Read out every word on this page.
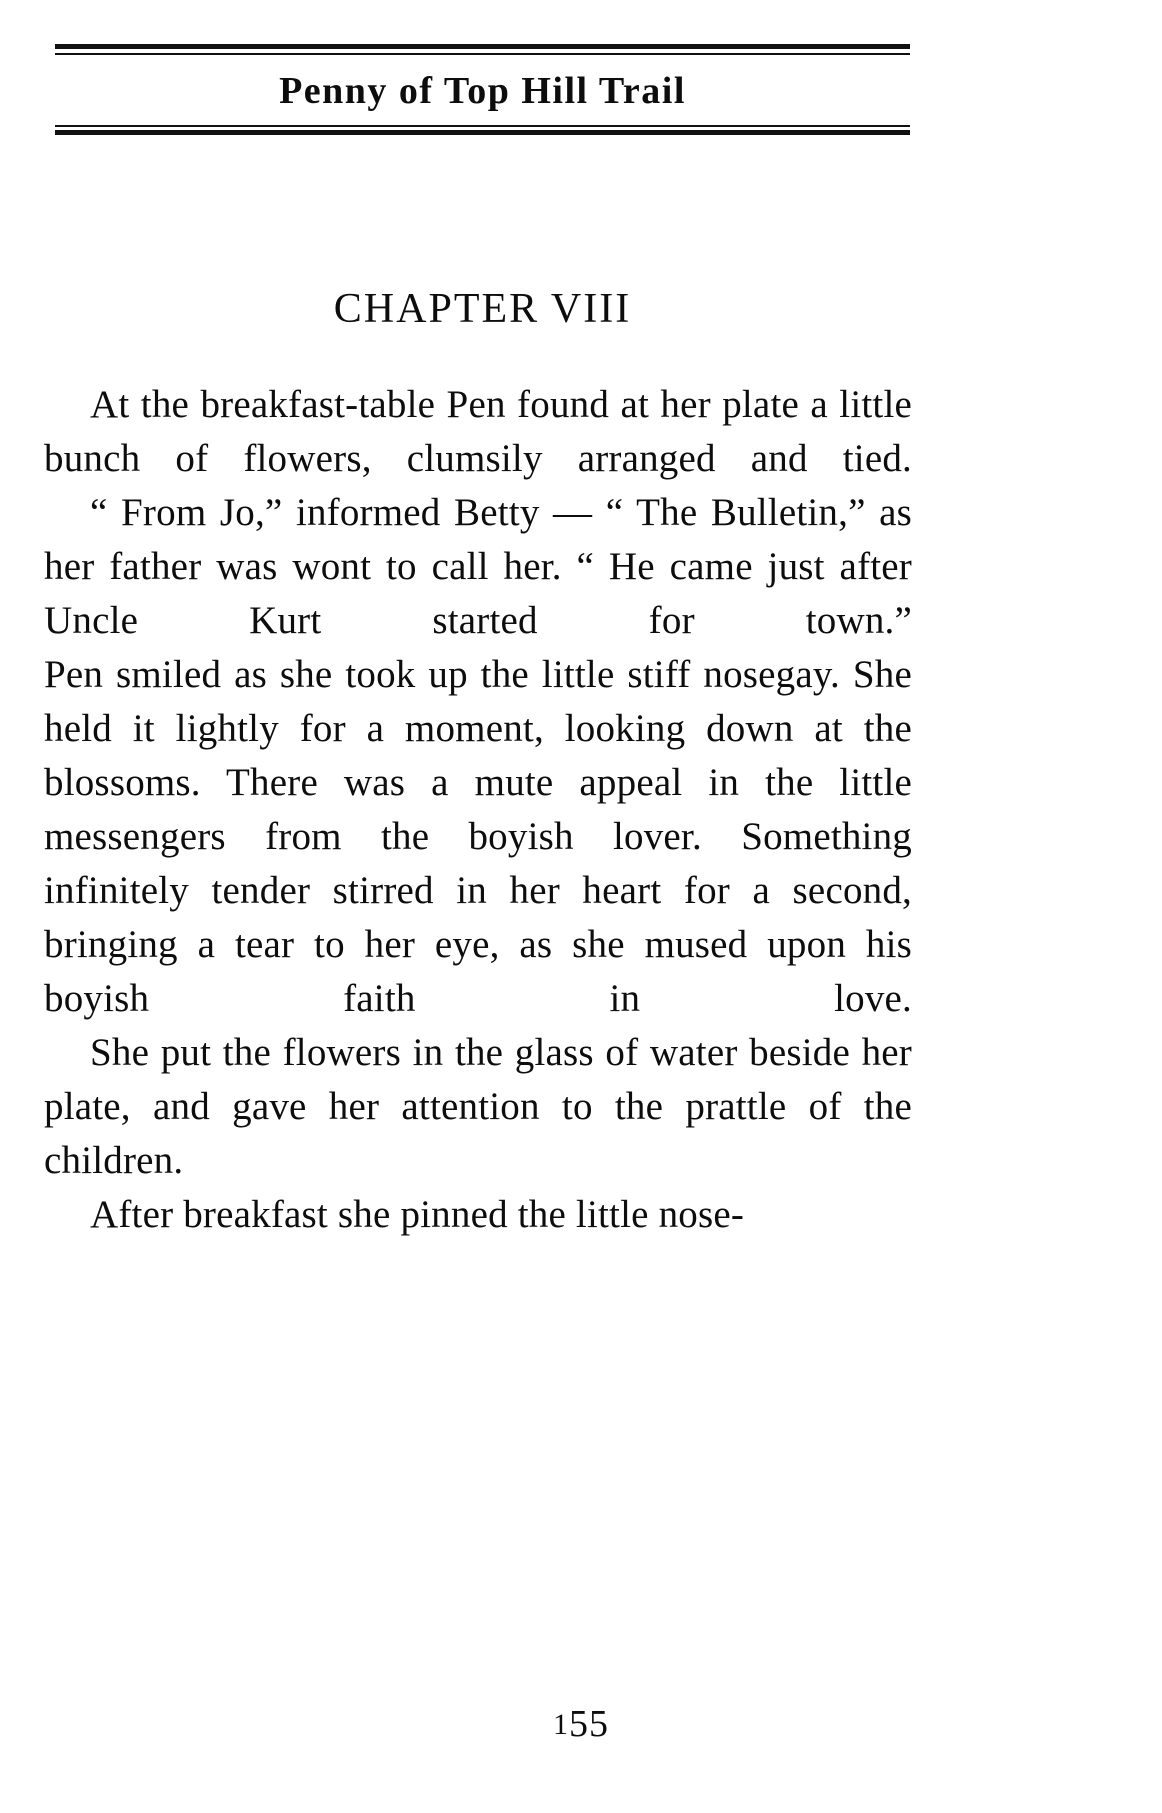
Penny of Top Hill Trail
CHAPTER VIII

At the breakfast-table Pen found at her plate a little bunch of flowers, clumsily arranged and tied.

“ From Jo,” informed Betty — “ The Bulletin,” as her father was wont to call her. “ He came just after Uncle Kurt started for town.”

Pen smiled as she took up the little stiff nosegay. She held it lightly for a moment, looking down at the blossoms. There was a mute appeal in the little messengers from the boyish lover. Something infinitely tender stirred in her heart for a second, bringing a tear to her eye, as she mused upon his boyish faith in love.

She put the flowers in the glass of water beside her plate, and gave her attention to the prattle of the children.

After breakfast she pinned the little nose-

155
